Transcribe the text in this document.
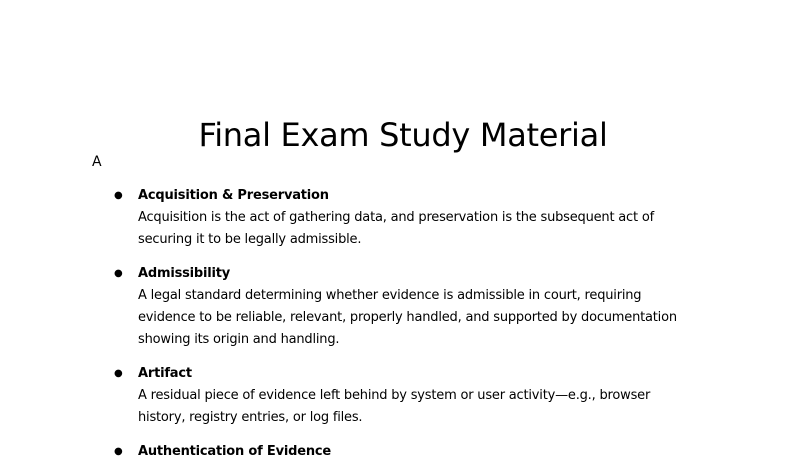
Final Exam Study Material
A
● Acquisition & Preservation
Acquisition is the act of gathering data, and preservation is the subsequent act of securing it to be legally admissible.
● Admissibility
A legal standard determining whether evidence is admissible in court, requiring evidence to be reliable, relevant, properly handled, and supported by documentation showing its origin and handling.
● Artifact
A residual piece of evidence left behind by system or user activity—e.g., browser history, registry entries, or log files.
● Authentication of Evidence
